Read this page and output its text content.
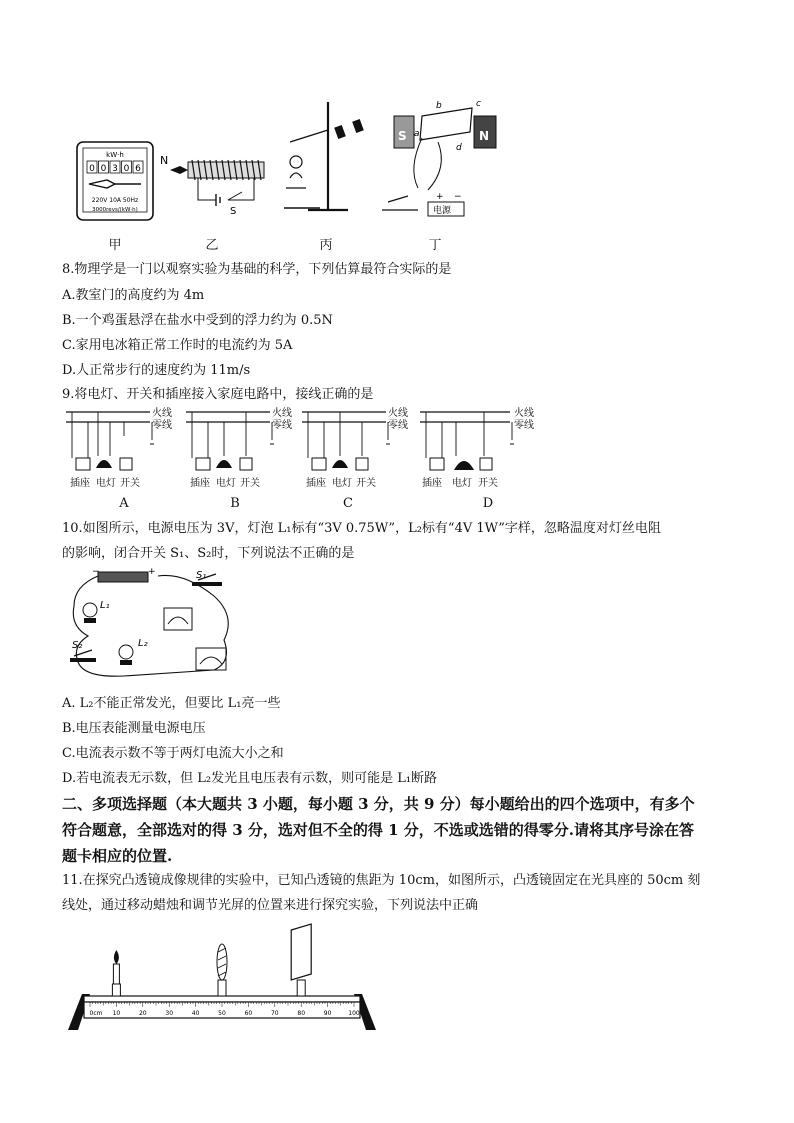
kW·h
0 0 3 0 6
220V 10A 50Hz
3000revs/(kW·h)
N
S
S	N
a
b	c
d
电源
+ −
甲	乙	丙	丁
8.物理学是一门以观察实验为基础的科学，下列估算最符合实际的是
A.教室门的高度约为 4m
B.一个鸡蛋悬浮在盐水中受到的浮力约为 0.5N
C.家用电冰箱正常工作时的电流约为 5A
D.人正常步行的速度约为 11m/s
9.将电灯、开关和插座接入家庭电路中，接线正确的是
火线
零线
插座 电灯 开关
A
火线
零线
插座 电灯 开关
B
火线
零线
插座 电灯 开关
C
火线
零线
插座 电灯 开关
D
10.如图所示，电源电压为 3V，灯泡 L₁标有“3V 0.75W”，L₂标有“4V 1W”字样，忽略温度对灯丝电阻
的影响，闭合开关 S₁、S₂时，下列说法不正确的是
−	+
L₁
S₁
L₂
S₂
A. L₂不能正常发光，但要比 L₁亮一些
B.电压表能测量电源电压
C.电流表示数不等于两灯电流大小之和
D.若电流表无示数，但 L₂发光且电压表有示数，则可能是 L₁断路
二、多项选择题（本大题共 3 小题，每小题 3 分，共 9 分）每小题给出的四个选项中，有多个
符合题意，全部选对的得 3 分，选对但不全的得 1 分，不选或选错的得零分.请将其序号涂在答
题卡相应的位置.
11.在探究凸透镜成像规律的实验中，已知凸透镜的焦距为 10cm，如图所示，凸透镜固定在光具座的 50cm 刻
线处，通过移动蜡烛和调节光屏的位置来进行探究实验，下列说法中正确
0cm 10	20	30	40	50	60	70	80	90	100
